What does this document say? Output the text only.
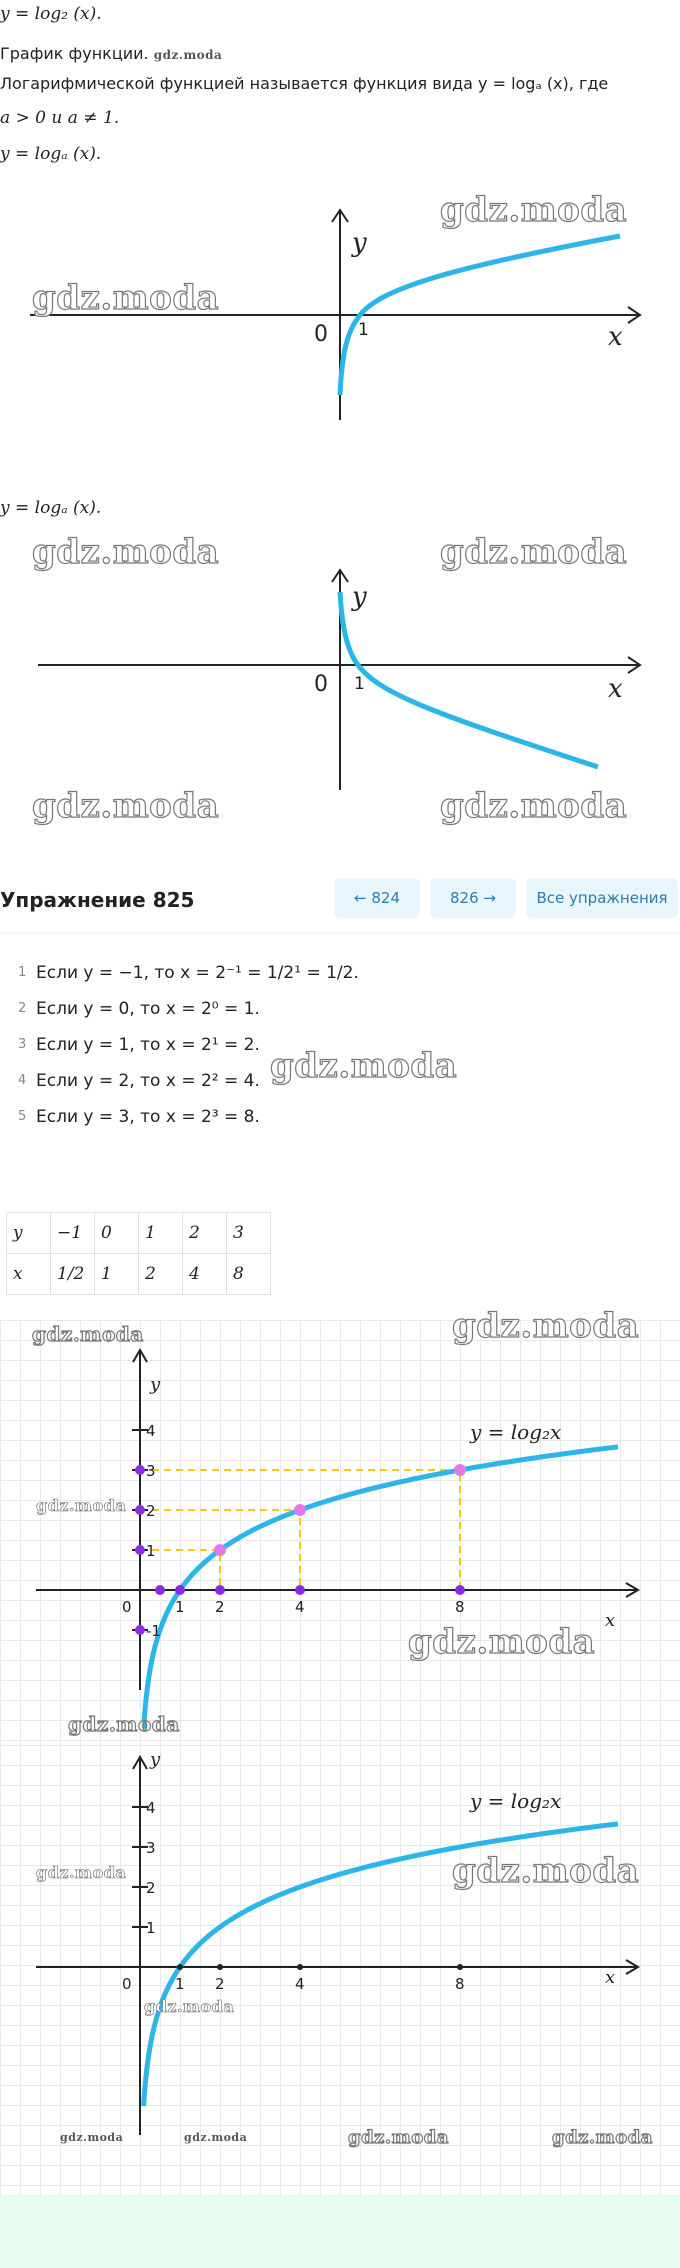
y = log₂ (x).
График функции. gdz.moda
Логарифмической функцией называется функция вида y = logₐ (x), где
a > 0 и a ≠ 1.
y = logₐ (x).
y
x
0 1
gdz.moda
gdz.moda
y = logₐ (x).
y
x
0 1
gdz.moda	gdz.moda
gdz.moda	gdz.moda
Упражнение 825	← 824	826 →	Все упражнения
1 Если y = −1, то x = 2⁻¹ = 1/2¹ = 1/2.
2 Если y = 0, то x = 2⁰ = 1.
3 Если y = 1, то x = 2¹ = 2.
4 Если y = 2, то x = 2² = 4.
5 Если y = 3, то x = 2³ = 8.
gdz.moda
y	−1	0	1	2	3
x	1/2	1	2	4	8
0	1 2	4	8
-1
1
2
3
4
y
x
y = log₂x
gdz.moda	gdz.moda
gdz.moda
gdz.moda
gdz.moda
0	1 2	4	8
1
2
3
4
y
x
y = log₂x
gdz.moda
gdz.moda
gdz.moda
gdz.moda	gdz.moda	gdz.moda	gdz.moda
